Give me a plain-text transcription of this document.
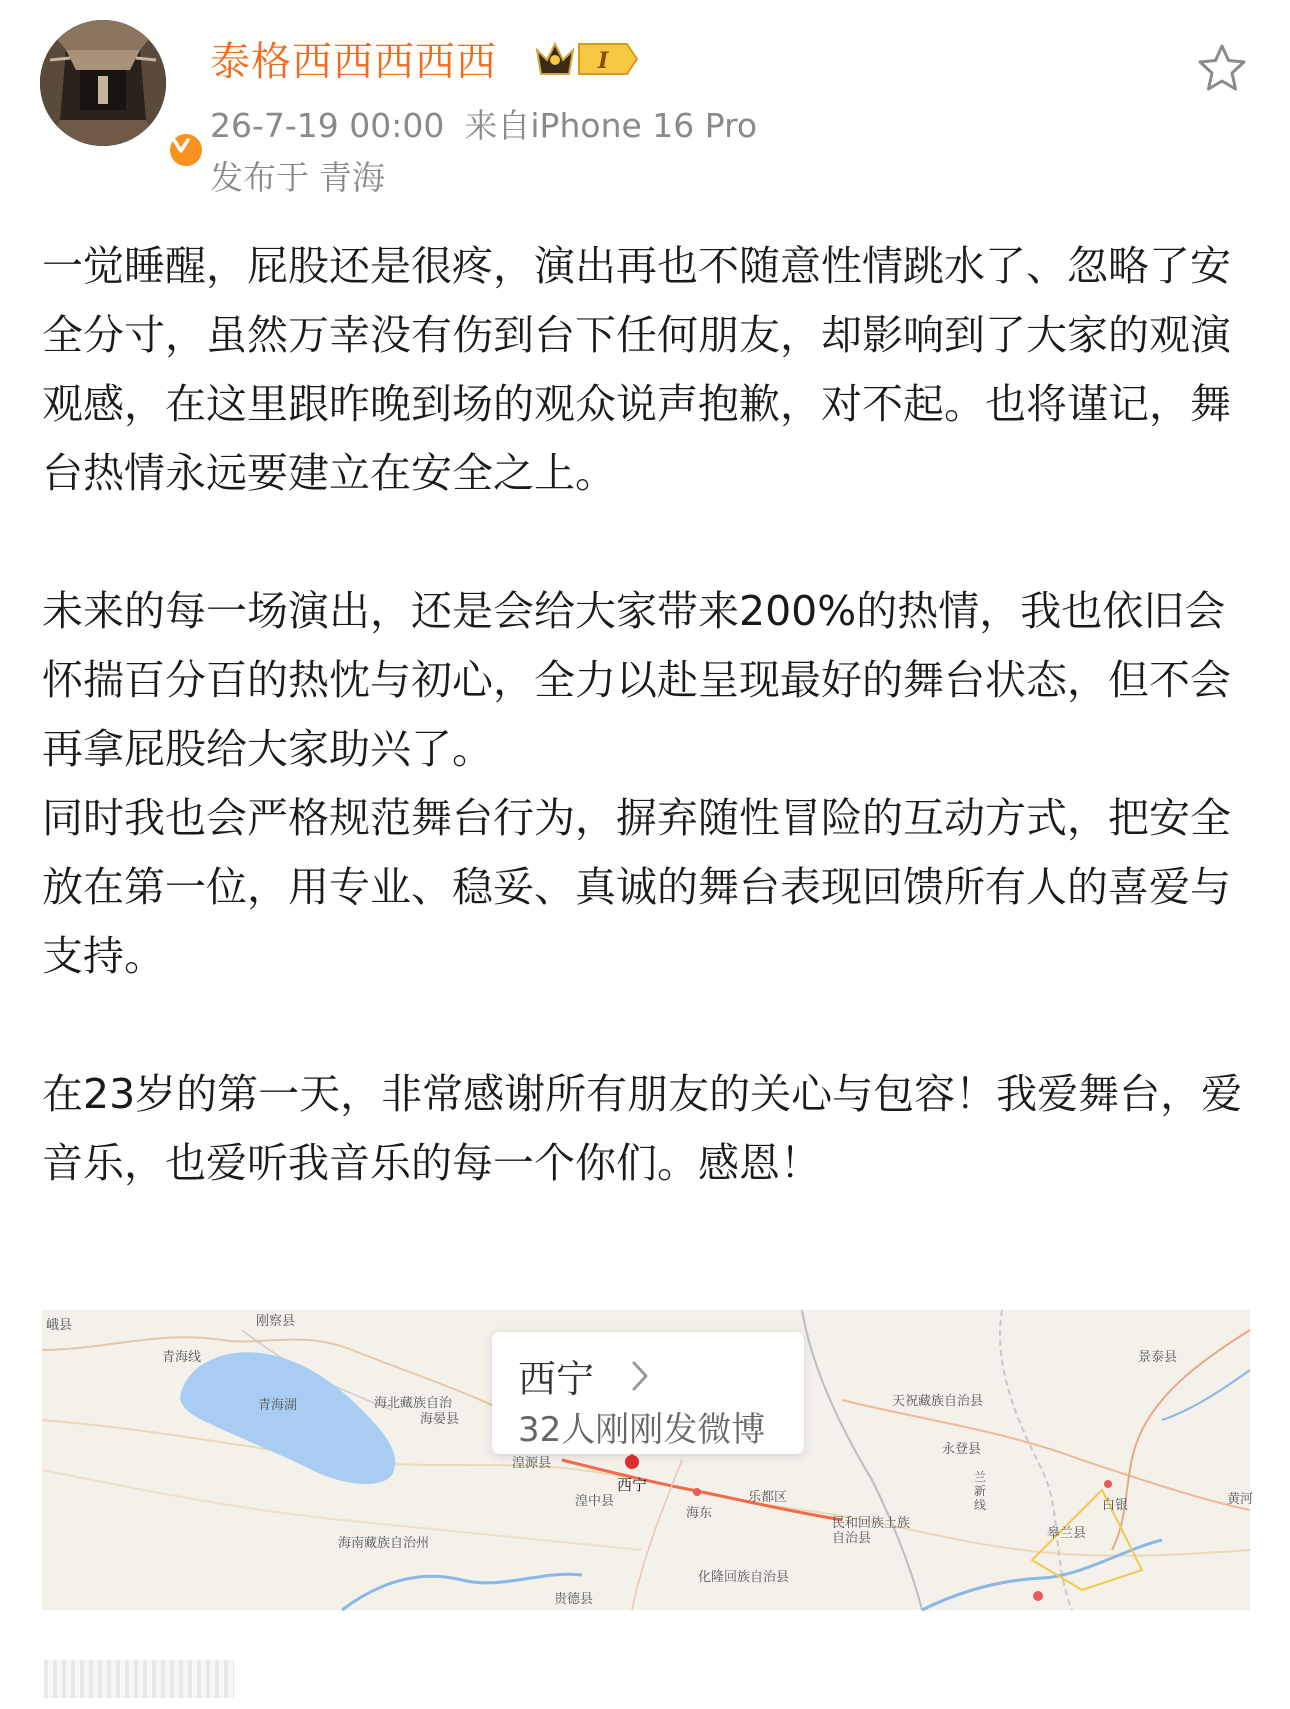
泰格西西西西西	I
26-7-19 00:00 来自iPhone 16 Pro
发布于 青海

一觉睡醒，屁股还是很疼，演出再也不随意性情跳水了、忽略了安全分寸，虽然万幸没有伤到台下任何朋友，却影响到了大家的观演观感，在这里跟昨晚到场的观众说声抱歉，对不起。也将谨记，舞台热情永远要建立在安全之上。

未来的每一场演出，还是会给大家带来200%的热情，我也依旧会怀揣百分百的热忱与初心，全力以赴呈现最好的舞台状态，但不会再拿屁股给大家助兴了。

同时我也会严格规范舞台行为，摒弃随性冒险的互动方式，把安全放在第一位，用专业、稳妥、真诚的舞台表现回馈所有人的喜爱与支持。

在23岁的第一天，非常感谢所有朋友的关心与包容！我爱舞台，爱音乐，也爱听我音乐的每一个你们。感恩！

峨县	刚察县
青海线
青海湖	海北藏族自治
海晏县
湟源县
西宁
湟中县
海东
乐都区
天祝藏族自治县
永登县
兰新线
民和回族土族自治县
海南藏族自治州
化隆回族自治县
白银
皋兰县
景泰县
黄河
贵德县
西宁
32人刚刚发微博
